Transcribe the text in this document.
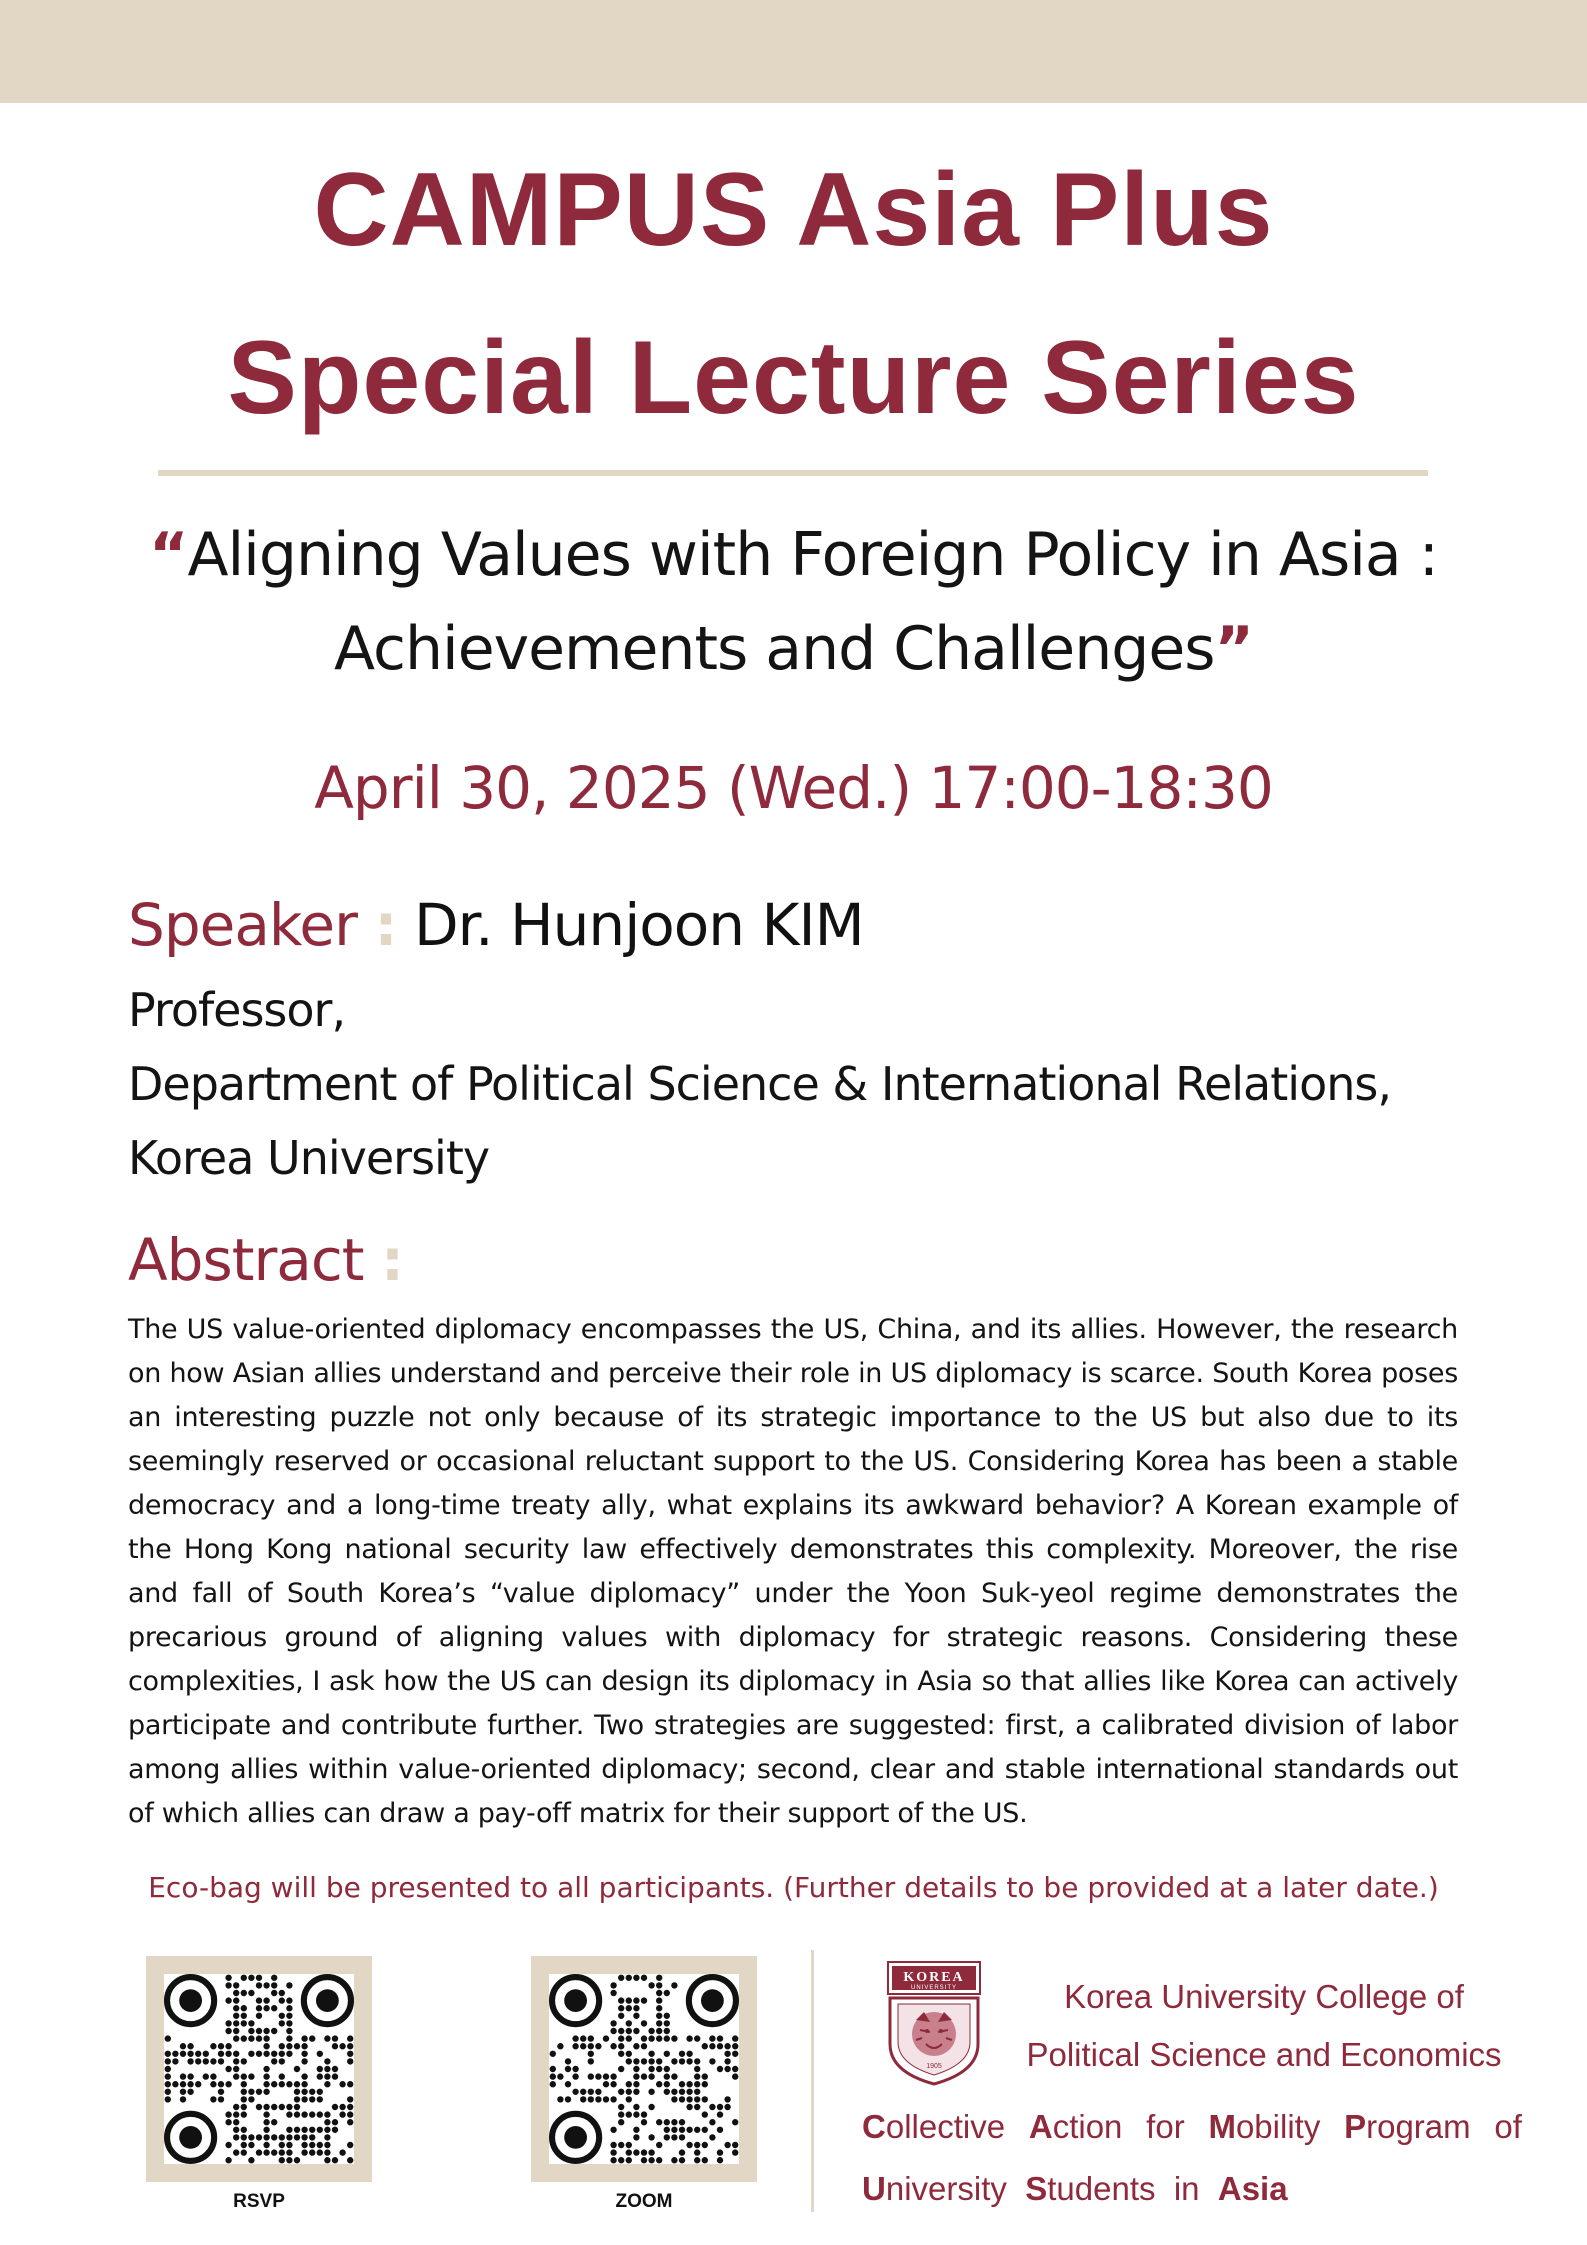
CAMPUS Asia Plus
Special Lecture Series
“Aligning Values with Foreign Policy in Asia :
Achievements and Challenges”
April 30, 2025 (Wed.) 17:00-18:30
Speaker : Dr. Hunjoon KIM
Professor,
Department of Political Science & International Relations,
Korea University
Abstract :
The US value-oriented diplomacy encompasses the US, China, and its allies. However, the research on how Asian allies understand and perceive their role in US diplomacy is scarce. South Korea poses an interesting puzzle not only because of its strategic importance to the US but also due to its seemingly reserved or occasional reluctant support to the US. Considering Korea has been a stable democracy and a long-time treaty ally, what explains its awkward behavior? A Korean example of the Hong Kong national security law effectively demonstrates this complexity. Moreover, the rise and fall of South Korea’s “value diplomacy” under the Yoon Suk-yeol regime demonstrates the precarious ground of aligning values with diplomacy for strategic reasons. Considering these complexities, I ask how the US can design its diplomacy in Asia so that allies like Korea can actively participate and contribute further. Two strategies are suggested: first, a calibrated division of labor among allies within value-oriented diplomacy; second, clear and stable international standards out of which allies can draw a pay-off matrix for their support of the US.
Eco-bag will be presented to all participants. (Further details to be provided at a later date.)
RSVP	ZOOM
KOREA
UNIVERSITY
1905
Korea University College of
Political Science and Economics
Collective Action for Mobility Program of
University Students in Asia
